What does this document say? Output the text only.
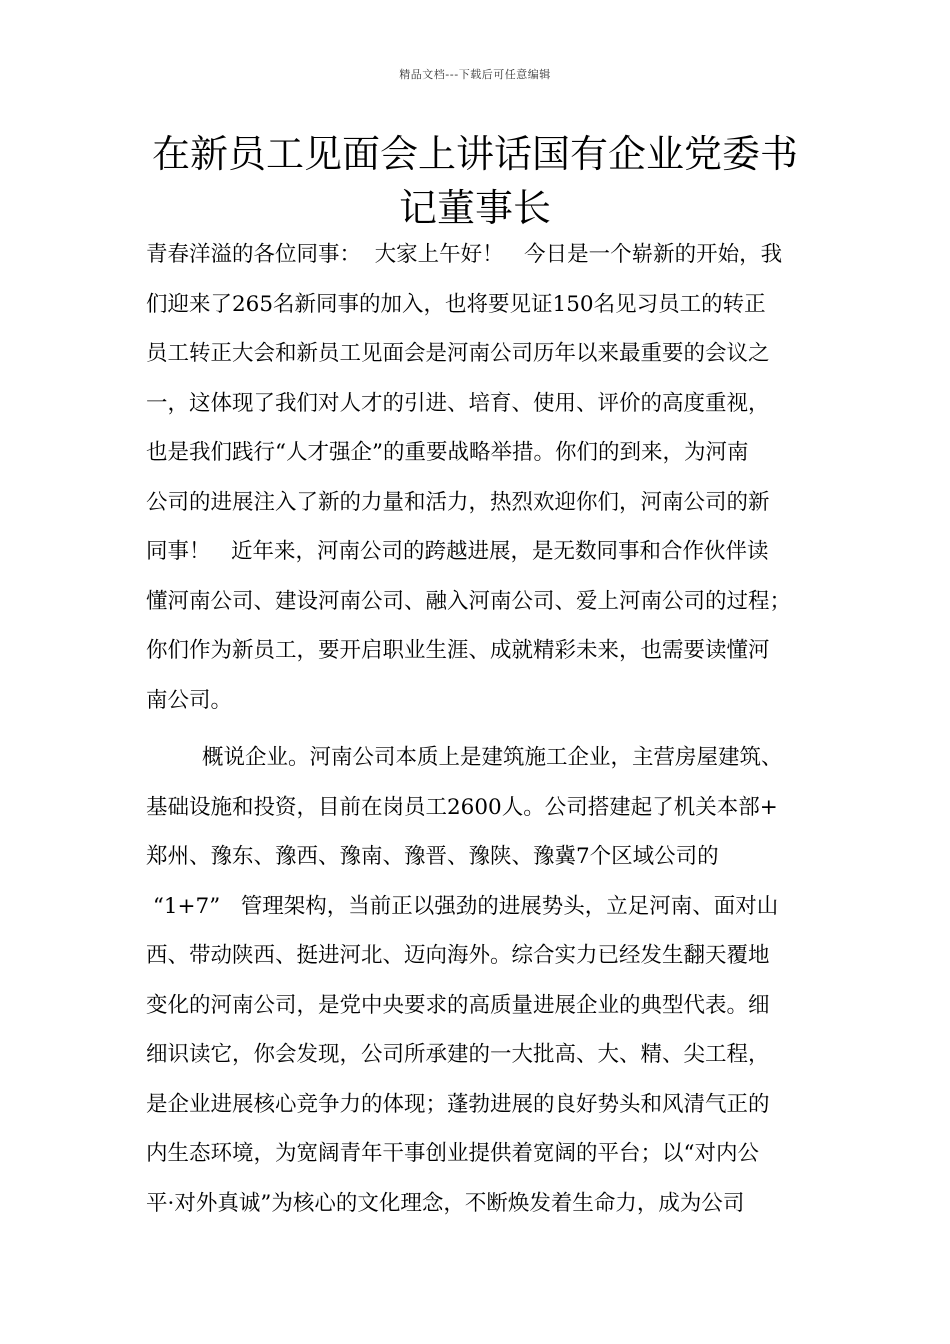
精品文档---下载后可任意编辑
在新员工见面会上讲话国有企业党委书
记董事长
青春洋溢的各位同事：  大家上午好！   今日是一个崭新的开始，我
们迎来了265名新同事的加入，也将要见证150名见习员工的转正
员工转正大会和新员工见面会是河南公司历年以来最重要的会议之
一，这体现了我们对人才的引进、培育、使用、评价的高度重视，
也是我们践行“人才强企”的重要战略举措。你们的到来，为河南
公司的进展注入了新的力量和活力，热烈欢迎你们，河南公司的新
同事！   近年来，河南公司的跨越进展，是无数同事和合作伙伴读
懂河南公司、建设河南公司、融入河南公司、爱上河南公司的过程；
你们作为新员工，要开启职业生涯、成就精彩未来，也需要读懂河
南公司。
概说企业。河南公司本质上是建筑施工企业，主营房屋建筑、
基础设施和投资，目前在岗员工2600人。公司搭建起了机关本部+
郑州、豫东、豫西、豫南、豫晋、豫陕、豫冀7个区域公司的
“1+7”   管理架构，当前正以强劲的进展势头，立足河南、面对山
西、带动陕西、挺进河北、迈向海外。综合实力已经发生翻天覆地
变化的河南公司，是党中央要求的高质量进展企业的典型代表。细
细识读它，你会发现，公司所承建的一大批高、大、精、尖工程，
是企业进展核心竞争力的体现；蓬勃进展的良好势头和风清气正的
内生态环境，为宽阔青年干事创业提供着宽阔的平台；以“对内公
平·对外真诚”为核心的文化理念，不断焕发着生命力，成为公司
